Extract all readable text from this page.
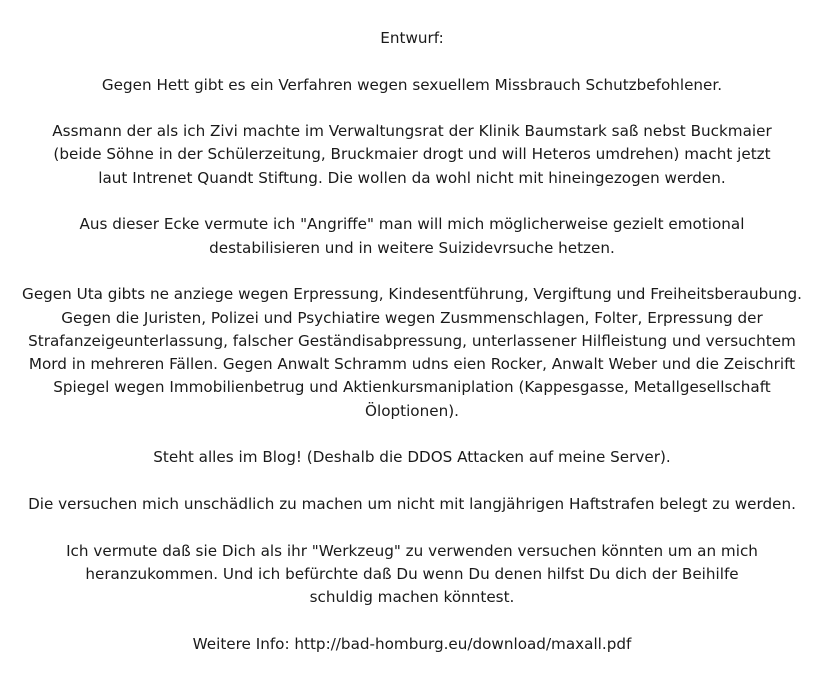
Entwurf:
Gegen Hett gibt es ein Verfahren wegen sexuellem Missbrauch Schutzbefohlener.
Assmann der als ich Zivi machte im Verwaltungsrat der Klinik Baumstark saß nebst Buckmaier
(beide Söhne in der Schülerzeitung, Bruckmaier drogt und will Heteros umdrehen) macht jetzt
laut Intrenet Quandt Stiftung. Die wollen da wohl nicht mit hineingezogen werden.
Aus dieser Ecke vermute ich "Angriffe" man will mich möglicherweise gezielt emotional
destabilisieren und in weitere Suizidevrsuche hetzen.
Gegen Uta gibts ne anziege wegen Erpressung, Kindesentführung, Vergiftung und Freiheitsberaubung.
Gegen die Juristen, Polizei und Psychiatire wegen Zusmmenschlagen, Folter, Erpressung der
Strafanzeigeunterlassung, falscher Geständisabpressung, unterlassener Hilfleistung und versuchtem
Mord in mehreren Fällen. Gegen Anwalt Schramm udns eien Rocker, Anwalt Weber und die Zeischrift
Spiegel wegen Immobilienbetrug und Aktienkursmaniplation (Kappesgasse, Metallgesellschaft
Öloptionen).
Steht alles im Blog! (Deshalb die DDOS Attacken auf meine Server).
Die versuchen mich unschädlich zu machen um nicht mit langjährigen Haftstrafen belegt zu werden.
Ich vermute daß sie Dich als ihr "Werkzeug" zu verwenden versuchen könnten um an mich
heranzukommen. Und ich befürchte daß Du wenn Du denen hilfst Du dich der Beihilfe
schuldig machen könntest.
Weitere Info: http://bad-homburg.eu/download/maxall.pdf
